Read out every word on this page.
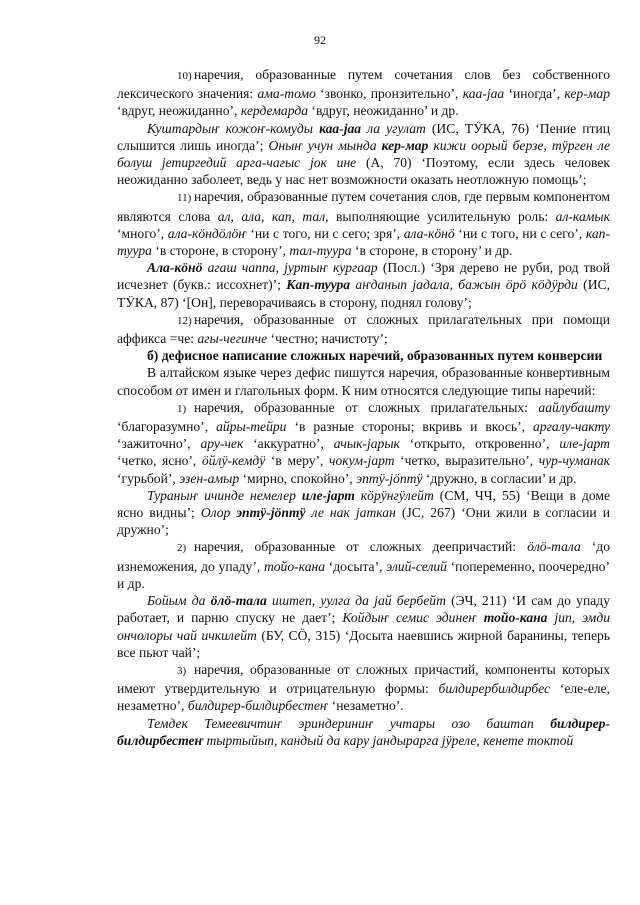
92

10) наречия, образованные путем сочетания слов без собственного лексического значения: ама-томо ‘звонко, пронзительно’, каа-јаа ‘иногда’, кер-мар ‘вдруг, неожиданно’, кердемарда ‘вдруг, неожиданно’ и др.

Куштардыҥ кожоҥ-комуды каа-јаа ла угулат (ИС, ТӰКА, 76) ‘Пение птиц слышится лишь иногда’; Оныҥ учун мында кер-мар кижи оорый берзе, тӱрген ле болуш јетиргедий арга-чагыс јок ине (А, 70) ‘Поэтому, если здесь человек неожиданно заболеет, ведь у нас нет возможности оказать неотложную помощь’;

11) наречия, образованные путем сочетания слов, где первым компонентом являются слова ал, ала, кап, тал, выполняющие усилительную роль: ал-камык ‘много’, ала-кӧндӧлӧҥ ‘ни с того, ни с сего; зря’, ала-кӧнӧ ‘ни с того, ни с сего’, кап-туура ‘в стороне, в сторону’, тал-туура ‘в стороне, в сторону’ и др.

Ала-кӧнӧ агаш чаппа, јуртыҥ кургаар (Посл.) ‘Зря дерево не руби, род твой исчезнет (букв.: иссохнет)’; Кап-туура аҥданып јадала, бажын ӧрӧ кӧдӱрди (ИС, ТӰКА, 87) ‘[Он], переворачиваясь в сторону, поднял голову’;

12) наречия, образованные от сложных прилагательных при помощи аффикса =че: агы-чегинче ‘честно; начистоту’;

б) дефисное написание сложных наречий, образованных путем конверсии

В алтайском языке через дефис пишутся наречия, образованные конвертивным способом от имен и глагольных форм. К ним относятся следующие типы наречий:

1) наречия, образованные от сложных прилагательных: аайлубашту ‘благоразумно’, айры-тейри ‘в разные стороны; вкривь и вкось’, аргалу-чакту ‘зажиточно’, ару-чек ‘аккуратно’, ачык-јарык ‘открыто, откровенно’, иле-јарт ‘четко, ясно’, ӧйлӱ-кемдӱ ‘в меру’, чокум-јарт ‘четко, выразительно’, чур-чуманак ‘гурьбой’, эзен-амыр ‘мирно, спокойно’, эптӱ-јӧптӱ ‘дружно, в согласии’ и др.

Тураныҥ ичинде немелер иле-јарт кӧрӱнгӱлейт (СМ, ЧЧ, 55) ‘Вещи в доме ясно видны’; Олор эптӱ-јӧптӱ ле нак јаткан (ЈС, 267) ‘Они жили в согласии и дружно’;

2) наречия, образованные от сложных деепричастий: ӧлӧ-тала ‘до изнеможения, до упаду’, тойо-кана ‘досыта’, элий-селий ‘попеременно, поочередно’ и др.

Бойым да ӧлӧ-тала иштеп, уулга да јай бербейт (ЭЧ, 211) ‘И сам до упаду работает, и парню спуску не дает’; Койдыҥ семис эдинеҥ тойо-кана јип, эмди ончолоры чай ичкилейт (БУ, СӦ, 315) ‘Досыта наевшись жирной баранины, теперь все пьют чай’;

3) наречия, образованные от сложных причастий, компоненты которых имеют утвердительную и отрицательную формы: билдирербилдирбес ‘еле-еле, незаметно’, билдирер-билдирбестеҥ ‘незаметно’.

Темдек Темеевичтиҥ эриндериниҥ учтары озо баштап билдирер-билдирбестеҥ тыртыйып, кандый да кару јандыраргa јӱреле, кенете токтой
